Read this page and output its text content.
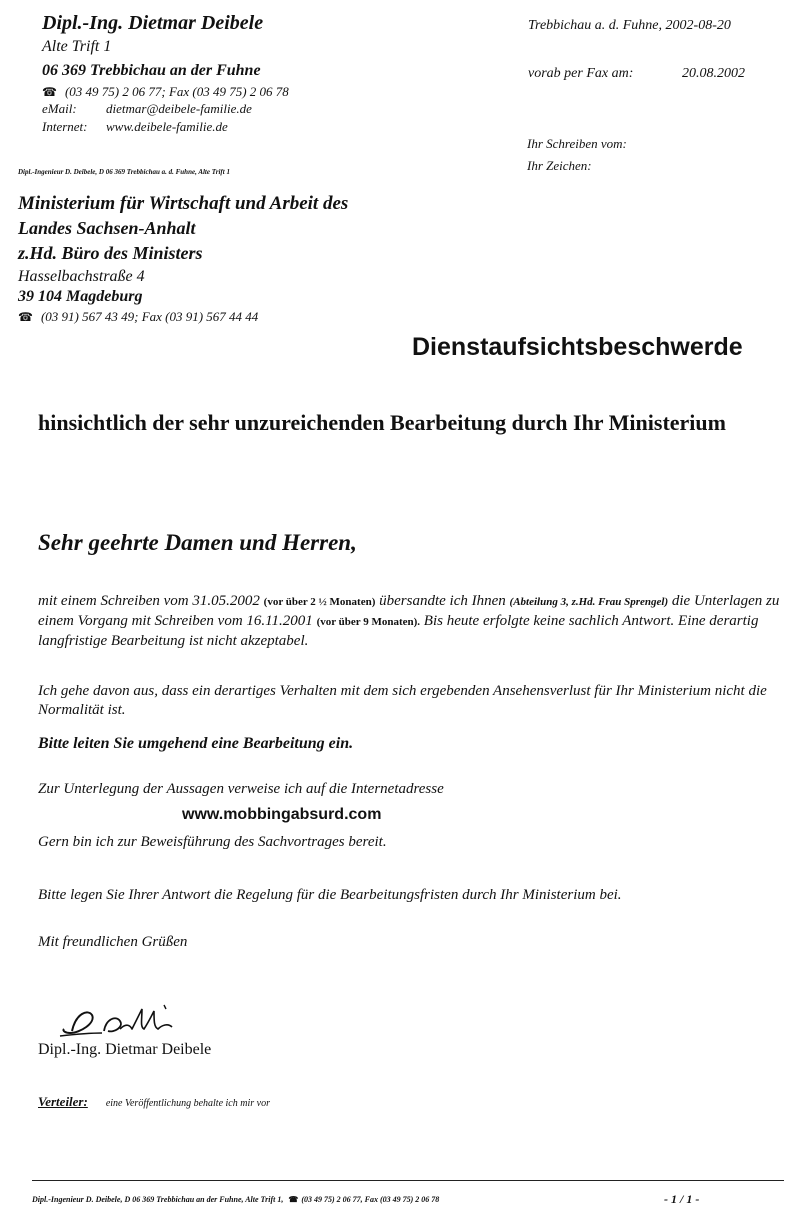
Dipl.-Ing. Dietmar Deibele
Alte Trift 1
06 369 Trebbichau an der Fuhne
☎ (03 49 75) 2 06 77; Fax (03 49 75) 2 06 78
eMail: dietmar@deibele-familie.de
Internet: www.deibele-familie.de
Trebbichau a. d. Fuhne, 2002-08-20
vorab per Fax am:	20.08.2002
Ihr Schreiben vom:
Ihr Zeichen:
Dipl.-Ingenieur D. Deibele, D 06 369 Trebbichau a. d. Fuhne, Alte Trift 1
Ministerium für Wirtschaft und Arbeit des
Landes Sachsen-Anhalt
z.Hd. Büro des Ministers
Hasselbachstraße 4
39 104 Magdeburg
☎ (03 91) 567 43 49; Fax (03 91) 567 44 44
Dienstaufsichtsbeschwerde
hinsichtlich der sehr unzureichenden Bearbeitung durch Ihr Ministerium
Sehr geehrte Damen und Herren,
mit einem Schreiben vom 31.05.2002 (vor über 2 ½ Monaten) übersandte ich Ihnen (Abteilung 3, z.Hd. Frau Sprengel) die Unterlagen zu einem Vorgang mit Schreiben vom 16.11.2001 (vor über 9 Monaten). Bis heute erfolgte keine sachlich Antwort. Eine derartig langfristige Bearbeitung ist nicht akzeptabel.
Ich gehe davon aus, dass ein derartiges Verhalten mit dem sich ergebenden Ansehensverlust für Ihr Ministerium nicht die Normalität ist.
Bitte leiten Sie umgehend eine Bearbeitung ein.
Zur Unterlegung der Aussagen verweise ich auf die Internetadresse
www.mobbingabsurd.com
Gern bin ich zur Beweisführung des Sachvortrages bereit.
Bitte legen Sie Ihrer Antwort die Regelung für die Bearbeitungsfristen durch Ihr Ministerium bei.
Mit freundlichen Grüßen
Dipl.-Ing. Dietmar Deibele
Verteiler: eine Veröffentlichung behalte ich mir vor
Dipl.-Ingenieur D. Deibele, D 06 369 Trebbichau an der Fuhne, Alte Trift 1, ☎ (03 49 75) 2 06 77, Fax (03 49 75) 2 06 78	- 1 / 1 -
